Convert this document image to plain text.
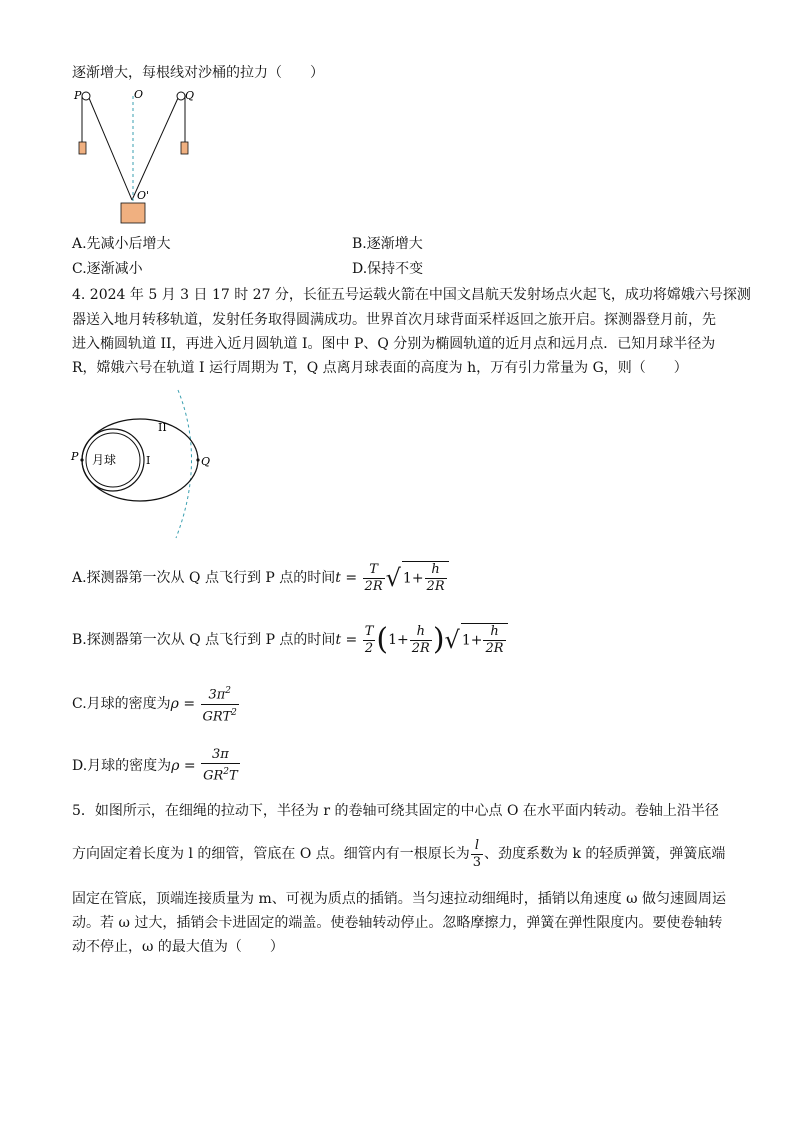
逐渐增大，每根线对沙桶的拉力（　　）
P	O	Q
O'
A.先减小后增大	B.逐渐增大
C.逐渐减小	D.保持不变
4. 2024 年 5 月 3 日 17 时 27 分，长征五号运载火箭在中国文昌航天发射场点火起飞，成功将嫦娥六号探测
器送入地月转移轨道，发射任务取得圆满成功。世界首次月球背面采样返回之旅开启。探测器登月前，先
进入椭圆轨道 II，再进入近月圆轨道 I。图中 P、Q 分别为椭圆轨道的近月点和远月点．已知月球半径为
R，嫦娥六号在轨道 I 运行周期为 T，Q 点离月球表面的高度为 h，万有引力常量为 G，则（　　）
月球	I
II
P	Q
A.探测器第一次从 Q 点飞行到 P 点的时间 $t = \frac{T}{2R}$ √ $1+ \frac{h}{2R}$
B.探测器第一次从 Q 点飞行到 P 点的时间 $t = \frac{T}{2}$ ( $1+ \frac{h}{2R}$ ) √ $1+ \frac{h}{2R}$
C.月球的密度为 $\rho = \frac{3\pi^2}{GRT^2}$
D.月球的密度为 $\rho = \frac{3\pi}{GR^2T}$
5．如图所示，在细绳的拉动下，半径为 r 的卷轴可绕其固定的中心点 O 在水平面内转动。卷轴上沿半径
方向固定着长度为 l 的细管，管底在 O 点。细管内有一根原长为 $\frac{l}{3}$ 、劲度系数为 k 的轻质弹簧，弹簧底端
固定在管底，顶端连接质量为 m、可视为质点的插销。当匀速拉动细绳时，插销以角速度 ω 做匀速圆周运
动。若 ω 过大，插销会卡进固定的端盖。使卷轴转动停止。忽略摩擦力，弹簧在弹性限度内。要使卷轴转
动不停止，ω 的最大值为（　　）
